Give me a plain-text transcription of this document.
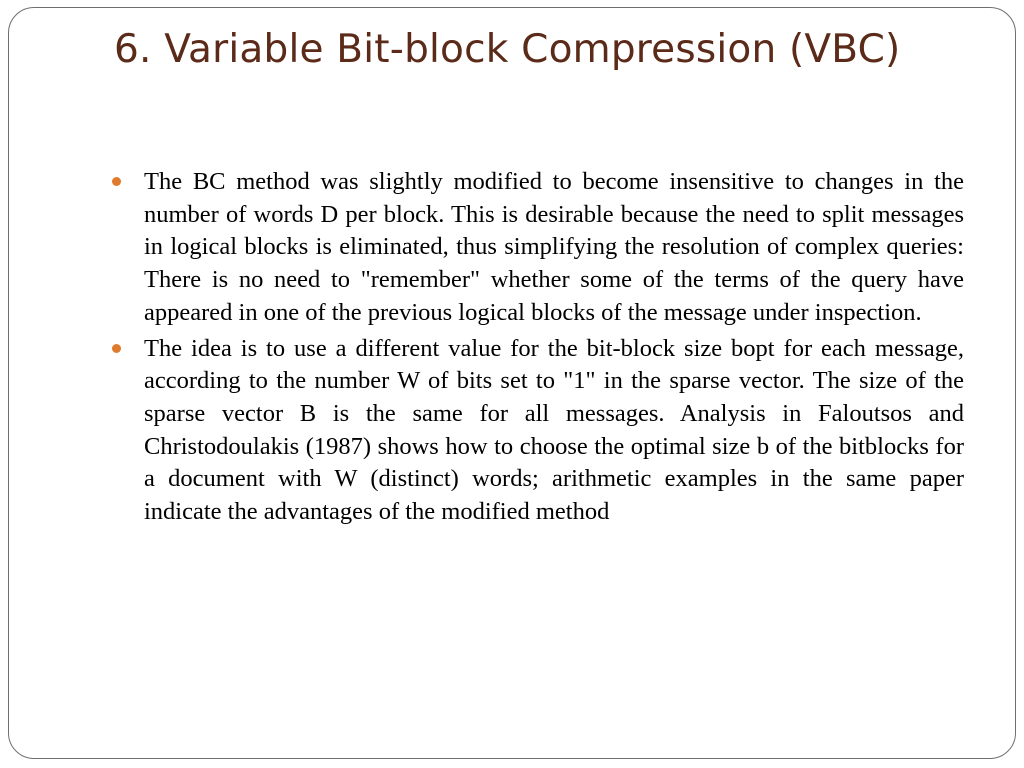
6. Variable Bit-block Compression (VBC)
The BC method was slightly modified to become insensitive to changes in the number of words D per block. This is desirable because the need to split messages in logical blocks is eliminated, thus simplifying the resolution of complex queries: There is no need to "remember" whether some of the terms of the query have appeared in one of the previous logical blocks of the message under inspection.
The idea is to use a different value for the bit-block size bopt for each message, according to the number W of bits set to "1" in the sparse vector. The size of the sparse vector B is the same for all messages. Analysis in Faloutsos and Christodoulakis (1987) shows how to choose the optimal size b of the bitblocks for a document with W (distinct) words; arithmetic examples in the same paper indicate the advantages of the modified method
